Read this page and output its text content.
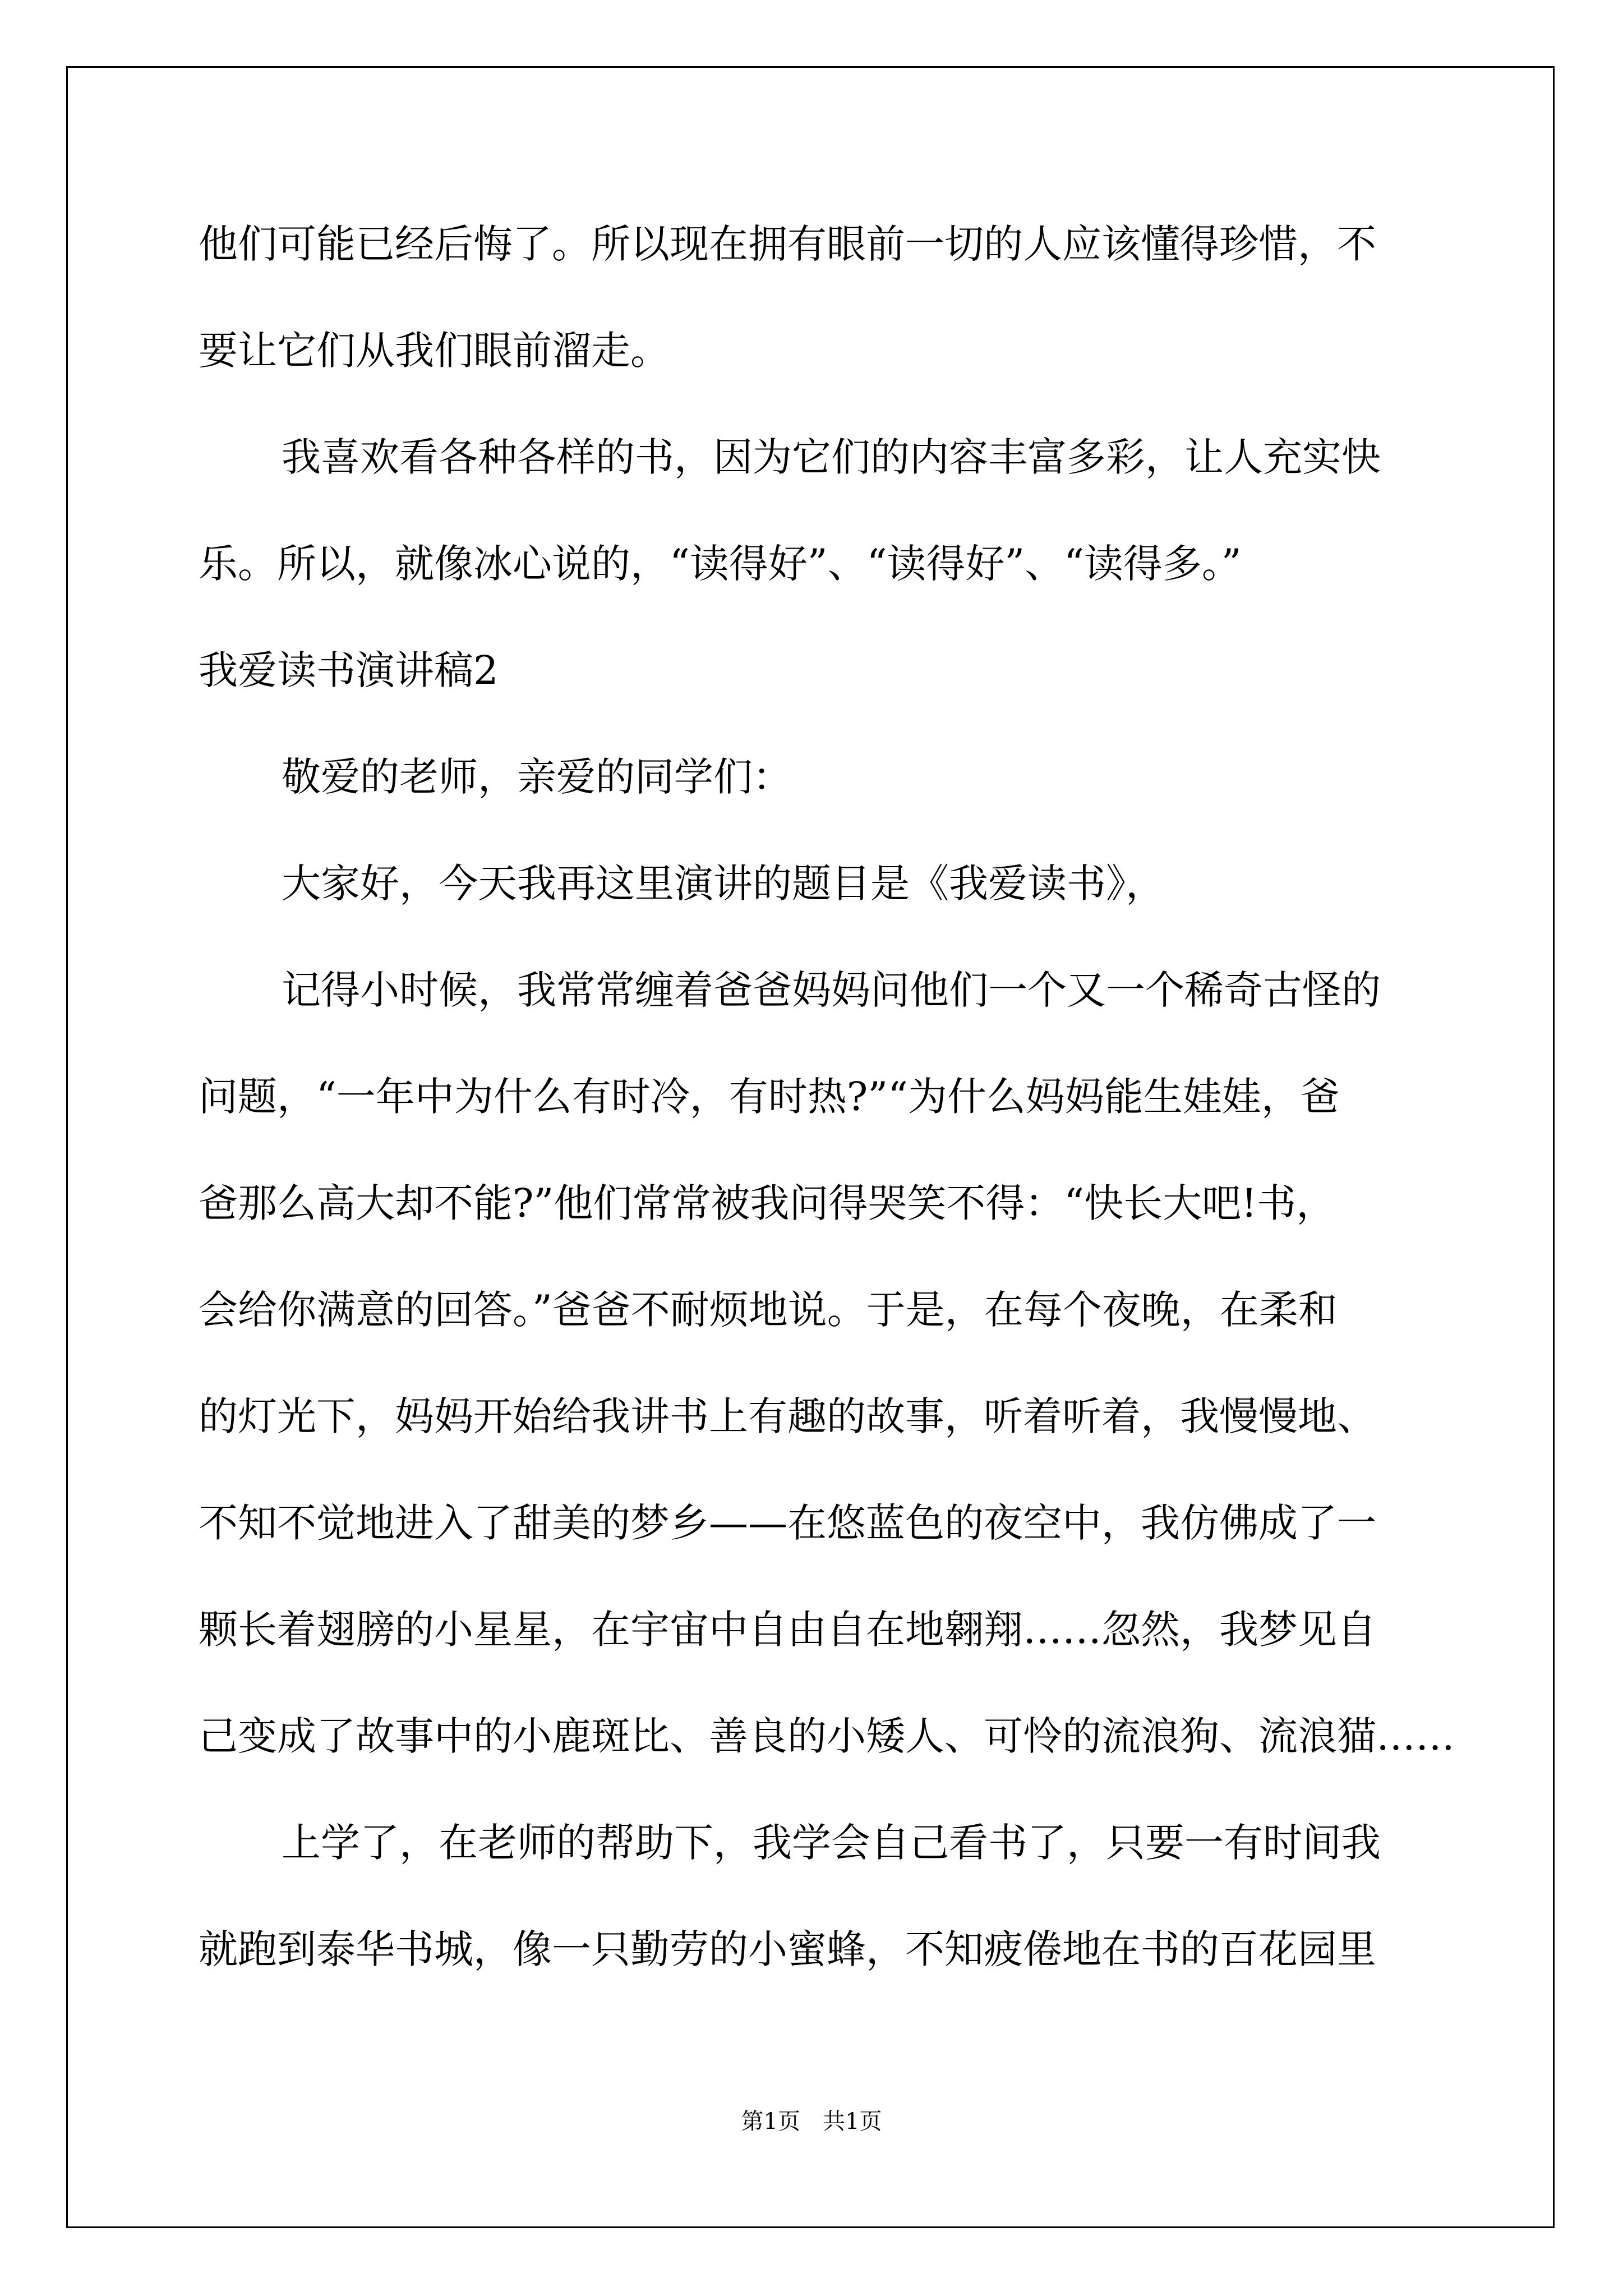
他们可能已经后悔了。所以现在拥有眼前一切的人应该懂得珍惜，不
要让它们从我们眼前溜走。
我喜欢看各种各样的书，因为它们的内容丰富多彩，让人充实快
乐。所以，就像冰心说的，“读得好”、“读得好”、“读得多。”
我爱读书演讲稿2
敬爱的老师，亲爱的同学们：
大家好，今天我再这里演讲的题目是《我爱读书》，
记得小时候，我常常缠着爸爸妈妈问他们一个又一个稀奇古怪的
问题，“一年中为什么有时冷，有时热?”“为什么妈妈能生娃娃，爸
爸那么高大却不能?”他们常常被我问得哭笑不得：“快长大吧!书，
会给你满意的回答。”爸爸不耐烦地说。于是，在每个夜晚，在柔和
的灯光下，妈妈开始给我讲书上有趣的故事，听着听着，我慢慢地、
不知不觉地进入了甜美的梦乡——在悠蓝色的夜空中，我仿佛成了一
颗长着翅膀的小星星，在宇宙中自由自在地翱翔……忽然，我梦见自
己变成了故事中的小鹿斑比、善良的小矮人、可怜的流浪狗、流浪猫……
上学了，在老师的帮助下，我学会自己看书了，只要一有时间我
就跑到泰华书城，像一只勤劳的小蜜蜂，不知疲倦地在书的百花园里
第1页　共1页
